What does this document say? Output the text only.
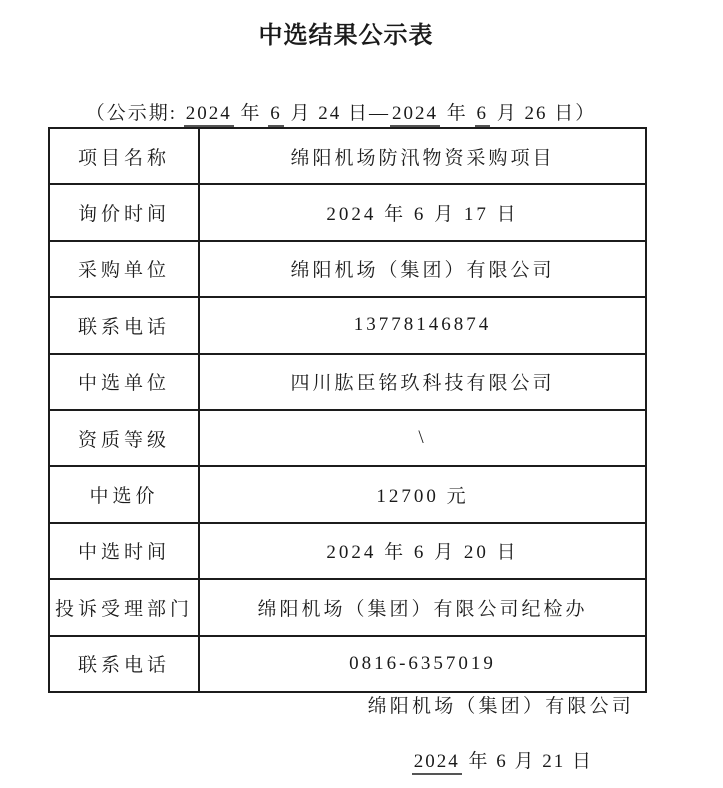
中选结果公示表
（公示期: 2024 年 6 月 24 日— 2024 年 6 月 26 日）
项目名称	绵阳机场防汛物资采购项目
询价时间	2024 年 6 月 17 日
采购单位	绵阳机场（集团）有限公司
联系电话	13778146874
中选单位	四川肱臣铭玖科技有限公司
资质等级	\
中选价	12700 元
中选时间	2024 年 6 月 20 日
投诉受理部门	绵阳机场（集团）有限公司纪检办
联系电话	0816-6357019
绵阳机场（集团）有限公司
2024 年 6 月 21 日
